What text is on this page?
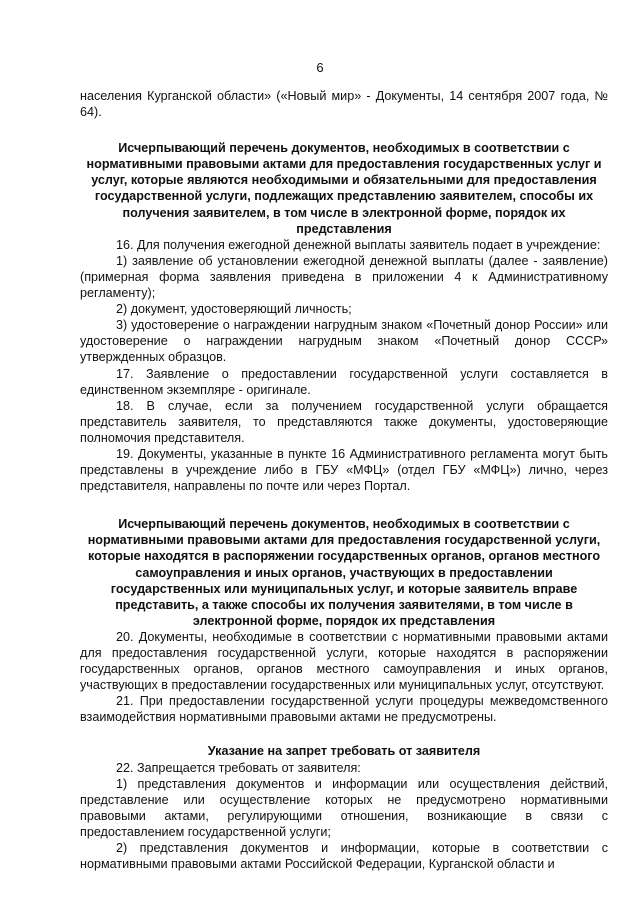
6

населения Курганской области» («Новый мир» - Документы, 14 сентября 2007 года, № 64).

Исчерпывающий перечень документов, необходимых в соответствии с нормативными правовыми актами для предоставления государственных услуг и услуг, которые являются необходимыми и обязательными для предоставления государственной услуги, подлежащих представлению заявителем, способы их получения заявителем, в том числе в электронной форме, порядок их представления

16. Для получения ежегодной денежной выплаты заявитель подает в учреждение:

1) заявление об установлении ежегодной денежной выплаты (далее - заявление) (примерная форма заявления приведена в приложении 4 к Административному регламенту);

2) документ, удостоверяющий личность;

3) удостоверение о награждении нагрудным знаком «Почетный донор России» или удостоверение о награждении нагрудным знаком «Почетный донор СССР» утвержденных образцов.

17. Заявление о предоставлении государственной услуги составляется в единственном экземпляре - оригинале.

18. В случае, если за получением государственной услуги обращается представитель заявителя, то представляются также документы, удостоверяющие полномочия представителя.

19. Документы, указанные в пункте 16 Административного регламента могут быть представлены в учреждение либо в ГБУ «МФЦ» (отдел ГБУ «МФЦ») лично, через представителя, направлены по почте или через Портал.

Исчерпывающий перечень документов, необходимых в соответствии с нормативными правовыми актами для предоставления государственной услуги, которые находятся в распоряжении государственных органов, органов местного самоуправления и иных органов, участвующих в предоставлении государственных или муниципальных услуг, и которые заявитель вправе представить, а также способы их получения заявителями, в том числе в электронной форме, порядок их представления

20. Документы, необходимые в соответствии с нормативными правовыми актами для предоставления государственной услуги, которые находятся в распоряжении государственных органов, органов местного самоуправления и иных органов, участвующих в предоставлении государственных или муниципальных услуг, отсутствуют.

21. При предоставлении государственной услуги процедуры межведомственного взаимодействия нормативными правовыми актами не предусмотрены.

Указание на запрет требовать от заявителя

22. Запрещается требовать от заявителя:

1) представления документов и информации или осуществления действий, представление или осуществление которых не предусмотрено нормативными правовыми актами, регулирующими отношения, возникающие в связи с предоставлением государственной услуги;

2) представления документов и информации, которые в соответствии с нормативными правовыми актами Российской Федерации, Курганской области и
